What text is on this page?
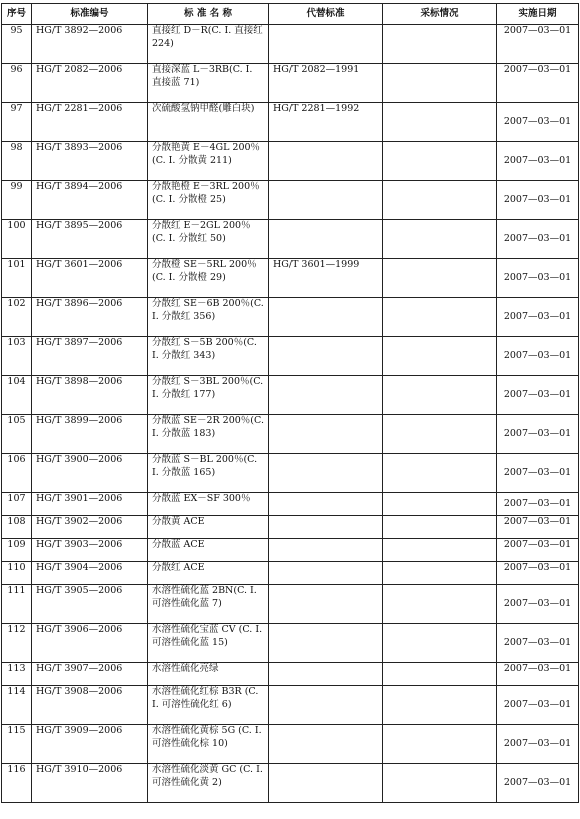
序号	标准编号	标 准 名 称	代替标准	采标情况	实施日期
95	HG/T 3892—2006	直接红 D－R(C. I. 直接红 224)			2007—03—01
96	HG/T 2082—2006	直接深蓝 L－3RB(C. I. 直接蓝 71)	HG/T 2082—1991		2007—03—01
97	HG/T 2281—2006	次硫酸氢钠甲醛(雕白块)	HG/T 2281—1992		2007—03—01
98	HG/T 3893—2006	分散艳黄 E－4GL 200％(C. I. 分散黄 211)			2007—03—01
99	HG/T 3894—2006	分散艳橙 E－3RL 200％(C. I. 分散橙 25)			2007—03—01
100	HG/T 3895—2006	分散红 E－2GL 200％(C. I. 分散红 50)			2007—03—01
101	HG/T 3601—2006	分散橙 SE－5RL 200％(C. I. 分散橙 29)	HG/T 3601—1999		2007—03—01
102	HG/T 3896—2006	分散红 SE－6B 200％(C. I. 分散红 356)			2007—03—01
103	HG/T 3897—2006	分散红 S－5B 200％(C. I. 分散红 343)			2007—03—01
104	HG/T 3898—2006	分散红 S－3BL 200％(C. I. 分散红 177)			2007—03—01
105	HG/T 3899—2006	分散蓝 SE－2R 200％(C. I. 分散蓝 183)			2007—03—01
106	HG/T 3900—2006	分散蓝 S－BL 200％(C. I. 分散蓝 165)			2007—03—01
107	HG/T 3901—2006	分散蓝 EX－SF 300％			2007—03—01
108	HG/T 3902—2006	分散黄 ACE			2007—03—01
109	HG/T 3903—2006	分散蓝 ACE			2007—03—01
110	HG/T 3904—2006	分散红 ACE			2007—03—01
111	HG/T 3905—2006	水溶性硫化蓝 2BN(C. I. 可溶性硫化蓝 7)			2007—03—01
112	HG/T 3906—2006	水溶性硫化宝蓝 CV (C. I. 可溶性硫化蓝 15)			2007—03—01
113	HG/T 3907—2006	水溶性硫化亮绿			2007—03—01
114	HG/T 3908—2006	水溶性硫化红棕 B3R (C. I. 可溶性硫化红 6)			2007—03—01
115	HG/T 3909—2006	水溶性硫化黄棕 5G (C. I. 可溶性硫化棕 10)			2007—03—01
116	HG/T 3910—2006	水溶性硫化淡黄 GC (C. I. 可溶性硫化黄 2)			2007—03—01
